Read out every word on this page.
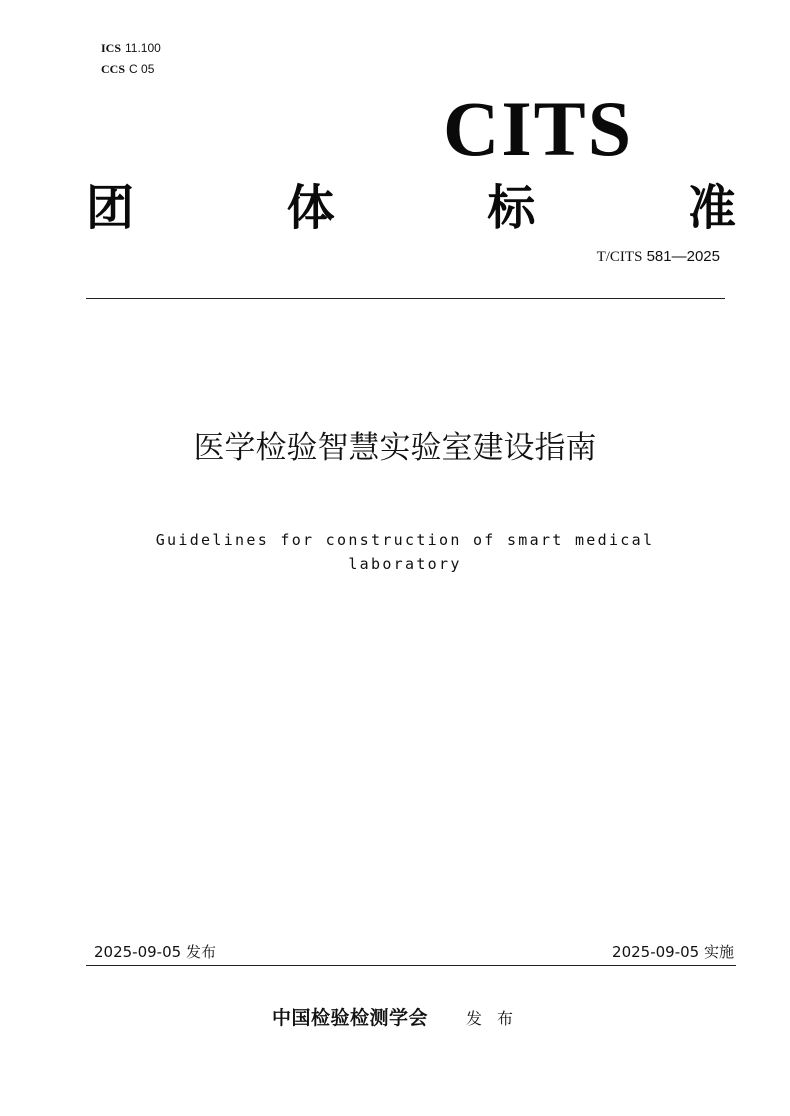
ICS 11.100
CCS C 05
CITS
团	体	标	准
T/CITS 581—2025
医学检验智慧实验室建设指南
Guidelines for construction of smart medical
laboratory
2025-09-05 发布	2025-09-05 实施
中国检验检测学会 发 布
